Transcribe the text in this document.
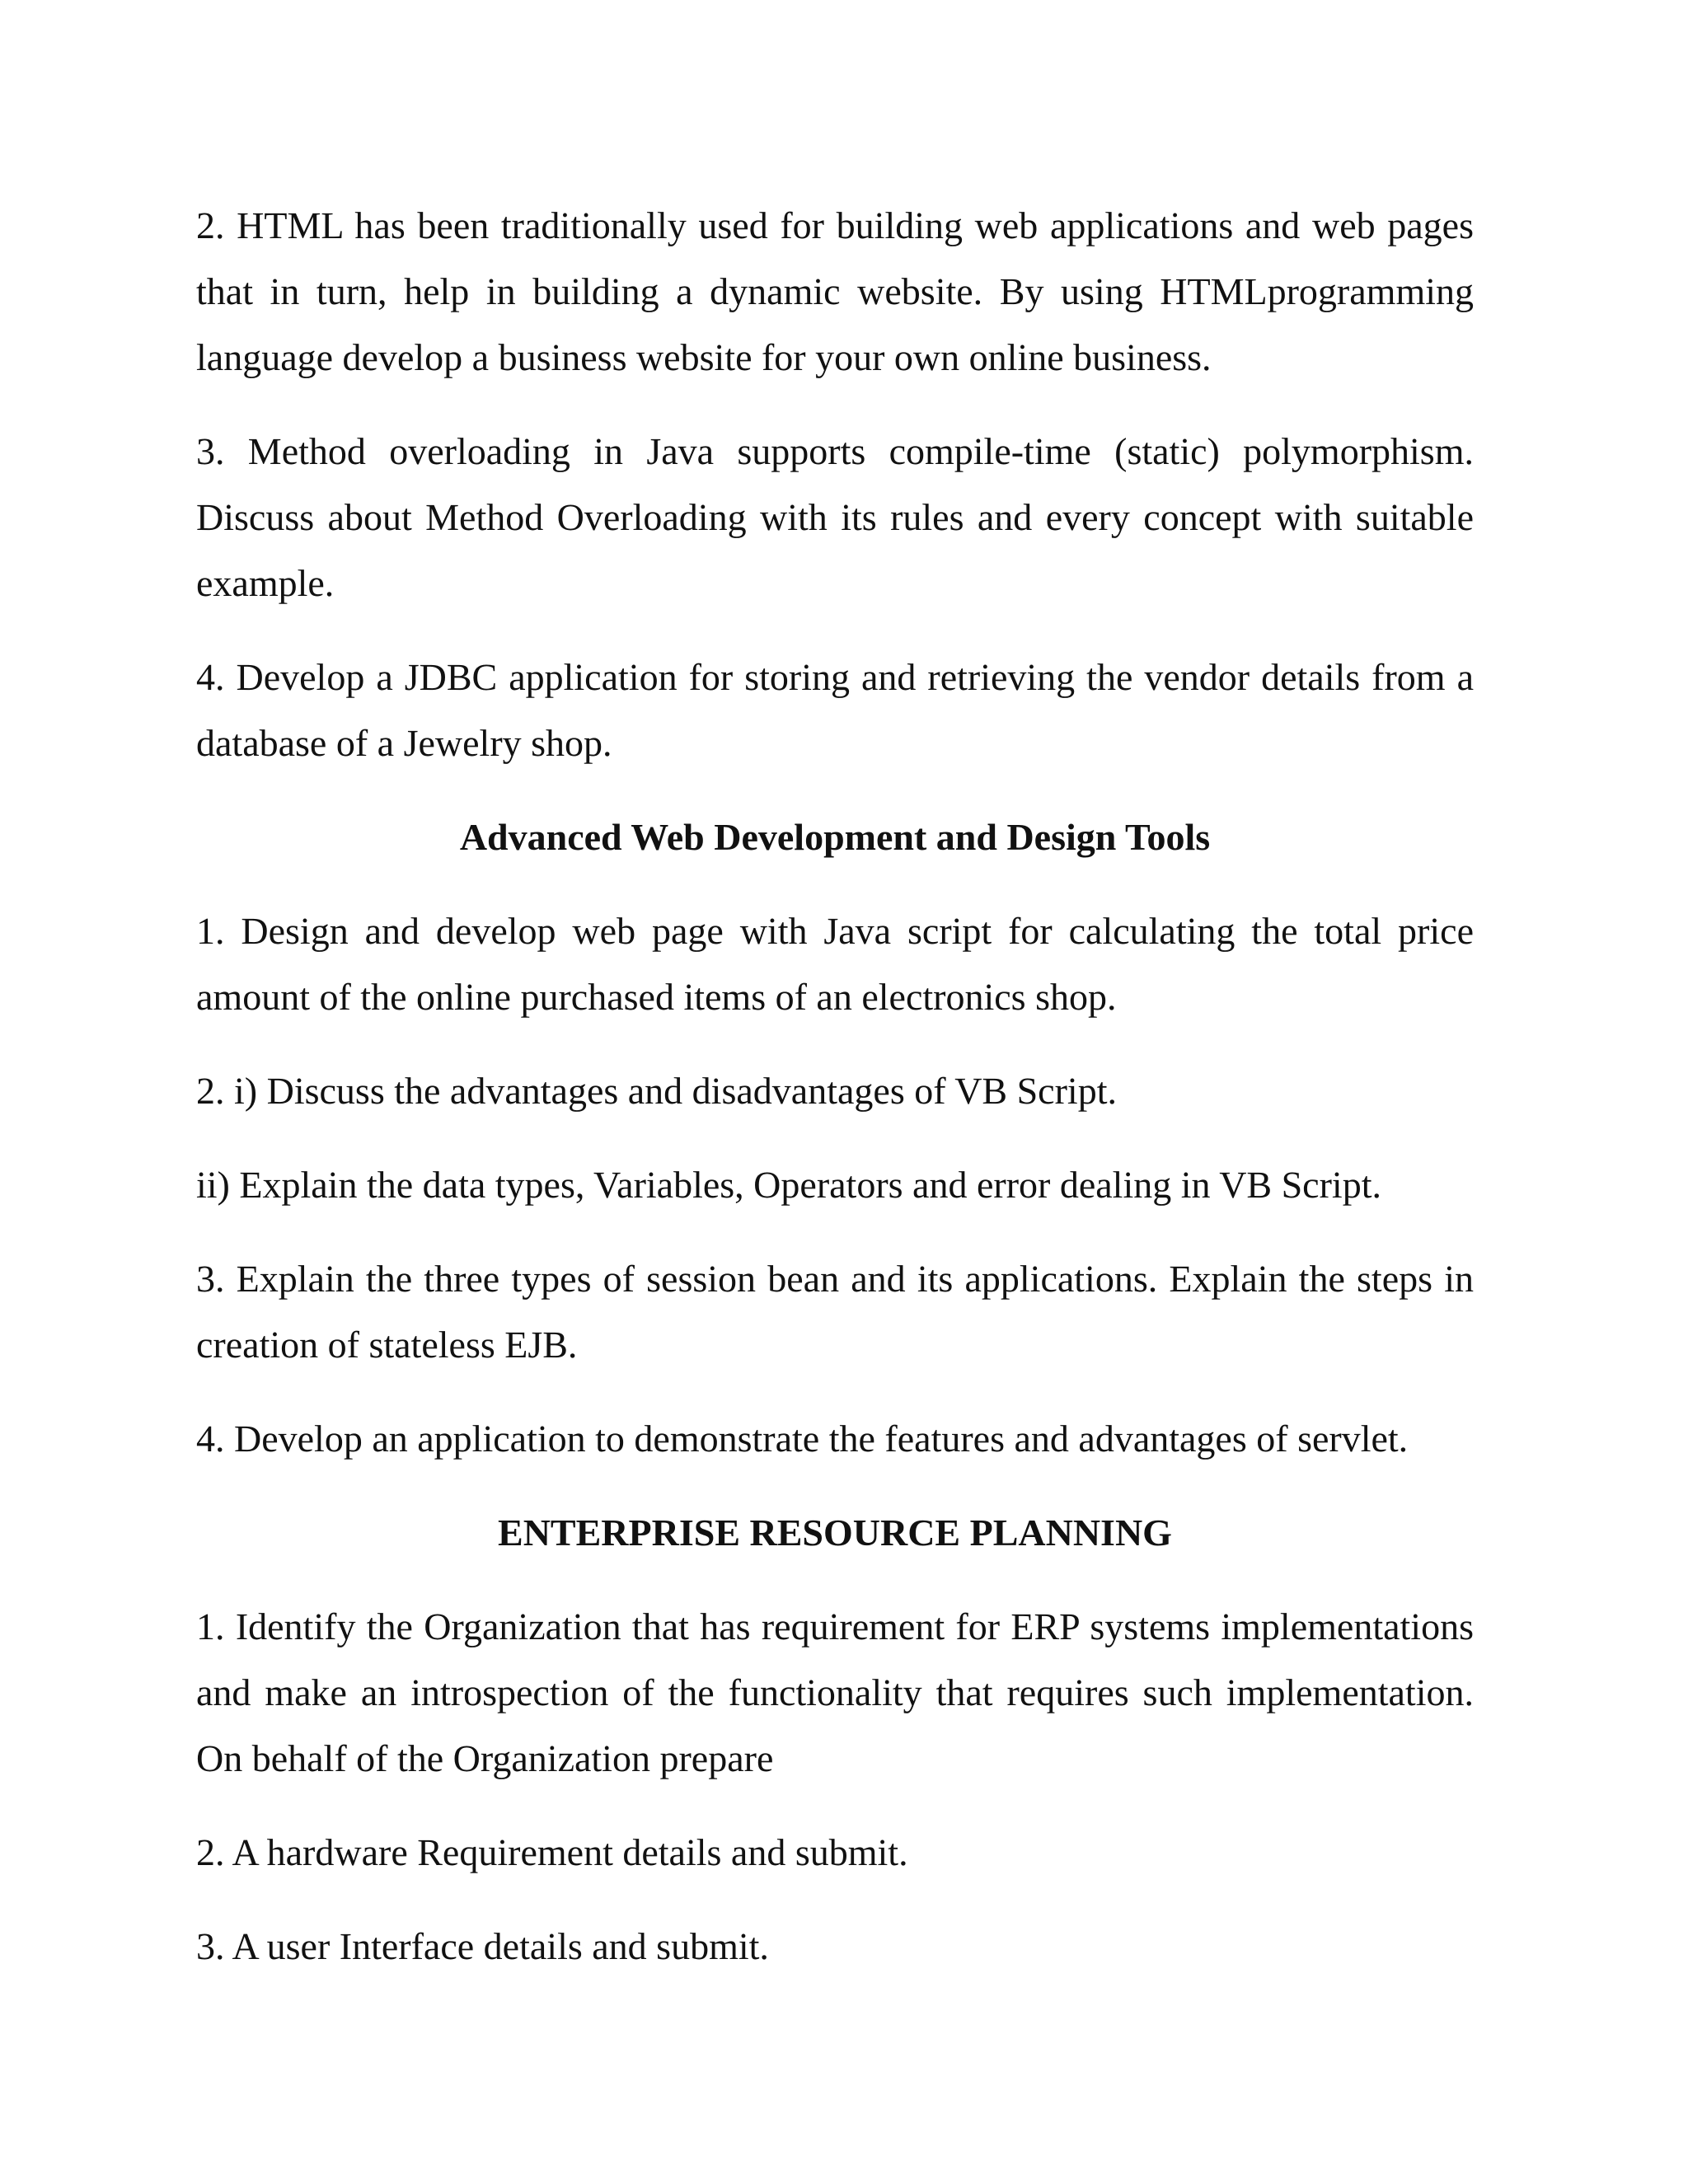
2. HTML has been traditionally used for building web applications and web pages that in turn, help in building a dynamic website. By using HTMLprogramming language develop a business website for your own online business.

3. Method overloading in Java supports compile-time (static) polymorphism. Discuss about Method Overloading with its rules and every concept with suitable example.

4. Develop a JDBC application for storing and retrieving the vendor details from a database of a Jewelry shop.

Advanced Web Development and Design Tools

1. Design and develop web page with Java script for calculating the total price amount of the online purchased items of an electronics shop.

2. i) Discuss the advantages and disadvantages of VB Script.

ii) Explain the data types, Variables, Operators and error dealing in VB Script.

3. Explain the three types of session bean and its applications. Explain the steps in creation of stateless EJB.

4. Develop an application to demonstrate the features and advantages of servlet.

ENTERPRISE RESOURCE PLANNING

1. Identify the Organization that has requirement for ERP systems implementations and make an introspection of the functionality that requires such implementation. On behalf of the Organization prepare

2. A hardware Requirement details and submit.

3. A user Interface details and submit.
